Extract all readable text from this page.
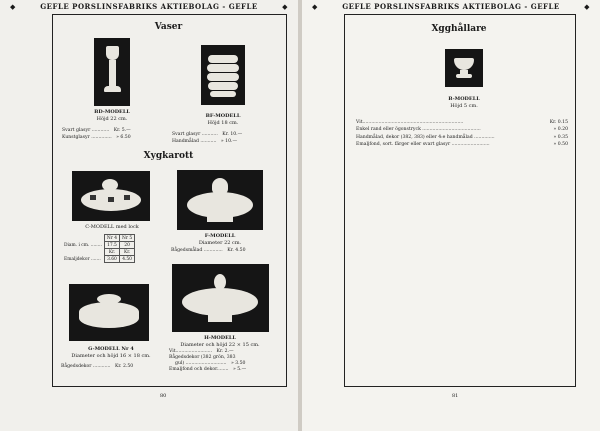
◆	GEFLE PORSLINSFABRIKS AKTIEBOLAG - GEFLE	◆
Vaser
BD-MODELL
Höjd 22 cm.
Svart glasyr ............ Kr. 5.—
Kunstglasyr .............. » 6.50
BF-MODELL
Höjd 18 cm.
Svart glasyr ........... Kr. 10.—
Handmålad ........... » 10.—
Xygkarott
C-MODELL med lock
	Nr 4	Nr 5
Diam. i cm. ........	17.5	20
	Kr.	Kr.
Emaljdekor .......	3.60	4.50
F-MODELL
Diameter 22 cm.
Bågedsmålad ............. Kr. 4.50
G-MODELL Nr 4
Diameter och höjd 16 × 18 cm.
Bågedsdekor ............ Kr. 2.50
H-MODELL
Diameter och höjd 22 × 15 cm.
Vit......................... Kr. 2.—
Bågedsdekor (382 grön, 383
gul) ............................ » 3.50
Emaljfond och dekor........ » 5.—
80
◆	GEFLE PORSLINSFABRIKS AKTIEBOLAG - GEFLE	◆
Xgghållare
B-MODELL
Höjd 5 cm.
Vit.....................................................................	Kr. 0.15
Enkel rand eller ögonstryck ........................................	» 0.20
Handmålad, dekor (382, 383) eller 4:e handmålad ..............	» 0.35
Emaljfond, sort. färger eller svart glasyr ..........................	» 0.50
81
